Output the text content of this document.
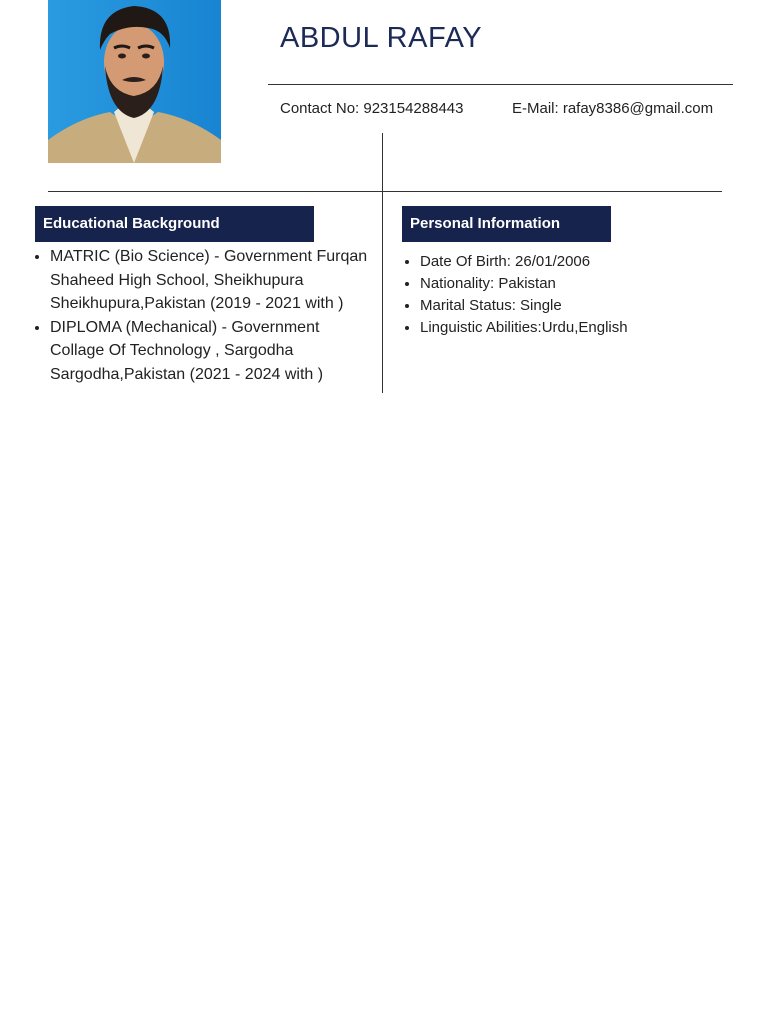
ABDUL RAFAY
Contact No: 923154288443	E-Mail: rafay8386@gmail.com
Educational Background	Personal Information
• MATRIC (Bio Science) - Government Furqan Shaheed High School, Sheikhupura Sheikhupura,Pakistan (2019 - 2021 with )
• DIPLOMA (Mechanical) - Government Collage Of Technology , Sargodha Sargodha,Pakistan (2021 - 2024 with )
• Date Of Birth: 26/01/2006
• Nationality: Pakistan
• Marital Status: Single
• Linguistic Abilities:Urdu,English
